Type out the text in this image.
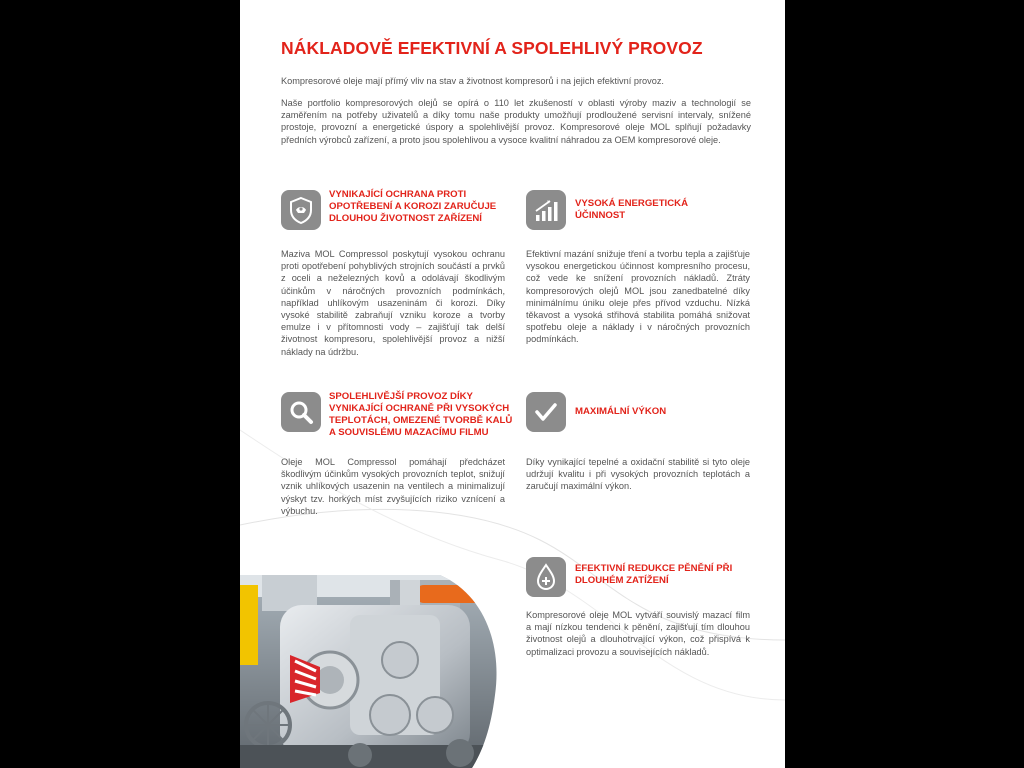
NÁKLADOVĚ EFEKTIVNÍ A SPOLEHLIVÝ PROVOZ

Kompresorové oleje mají přímý vliv na stav a životnost kompresorů i na jejich efektivní provoz.

Naše portfolio kompresorových olejů se opírá o 110 let zkušeností v oblasti výroby maziv a technologií se zaměřením na potřeby uživatelů a díky tomu naše produkty umožňují prodloužené servisní intervaly, snížené prostoje, provozní a energetické úspory a spolehlivější provoz. Kompresorové oleje MOL splňují požadavky předních výrobců zařízení, a proto jsou spolehlivou a vysoce kvalitní náhradou za OEM kompresorové oleje.

VYNIKAJÍCÍ OCHRANA PROTI OPOTŘEBENÍ A KOROZI ZARUČUJE DLOUHOU ŽIVOTNOST ZAŘÍZENÍ

Maziva MOL Compressol poskytují vysokou ochranu proti opotřebení pohyblivých strojních součástí a prvků z oceli a neželezných kovů a odolávají škodlivým účinkům v náročných provozních podmínkách, například uhlíkovým usazeninám či korozi. Díky vysoké stabilitě zabraňují vzniku koroze a tvorby emulze i v přítomnosti vody – zajišťují tak delší životnost kompresoru, spolehlivější provoz a nižší náklady na údržbu.

VYSOKÁ ENERGETICKÁ ÚČINNOST

Efektivní mazání snižuje tření a tvorbu tepla a zajišťuje vysokou energetickou účinnost kompresního procesu, což vede ke snížení provozních nákladů. Ztráty kompresorových olejů MOL jsou zanedbatelné díky minimálnímu úniku oleje přes přívod vzduchu. Nízká těkavost a vysoká střihová stabilita pomáhá snižovat spotřebu oleje a náklady i v náročných provozních podmínkách.

SPOLEHLIVĚJŠÍ PROVOZ DÍKY VYNIKAJÍCÍ OCHRANĚ PŘI VYSOKÝCH TEPLOTÁCH, OMEZENÉ TVORBĚ KALŮ A SOUVISLÉMU MAZACÍMU FILMU

Oleje MOL Compressol pomáhají předcházet škodlivým účinkům vysokých provozních teplot, snižují vznik uhlíkových usazenin na ventilech a minimalizují výskyt tzv. horkých míst zvyšujících riziko vznícení a výbuchu.

MAXIMÁLNÍ VÝKON

Díky vynikající tepelné a oxidační stabilitě si tyto oleje udržují kvalitu i při vysokých provozních teplotách a zaručují maximální výkon.

EFEKTIVNÍ REDUKCE PĚNĚNÍ PŘI DLOUHÉM ZATÍŽENÍ

Kompresorové oleje MOL vytváří souvislý mazací film a mají nízkou tendenci k pěnění, zajišťují tím dlouhou životnost olejů a dlouhotrvající výkon, což přispívá k optimalizaci provozu a souvisejících nákladů.
